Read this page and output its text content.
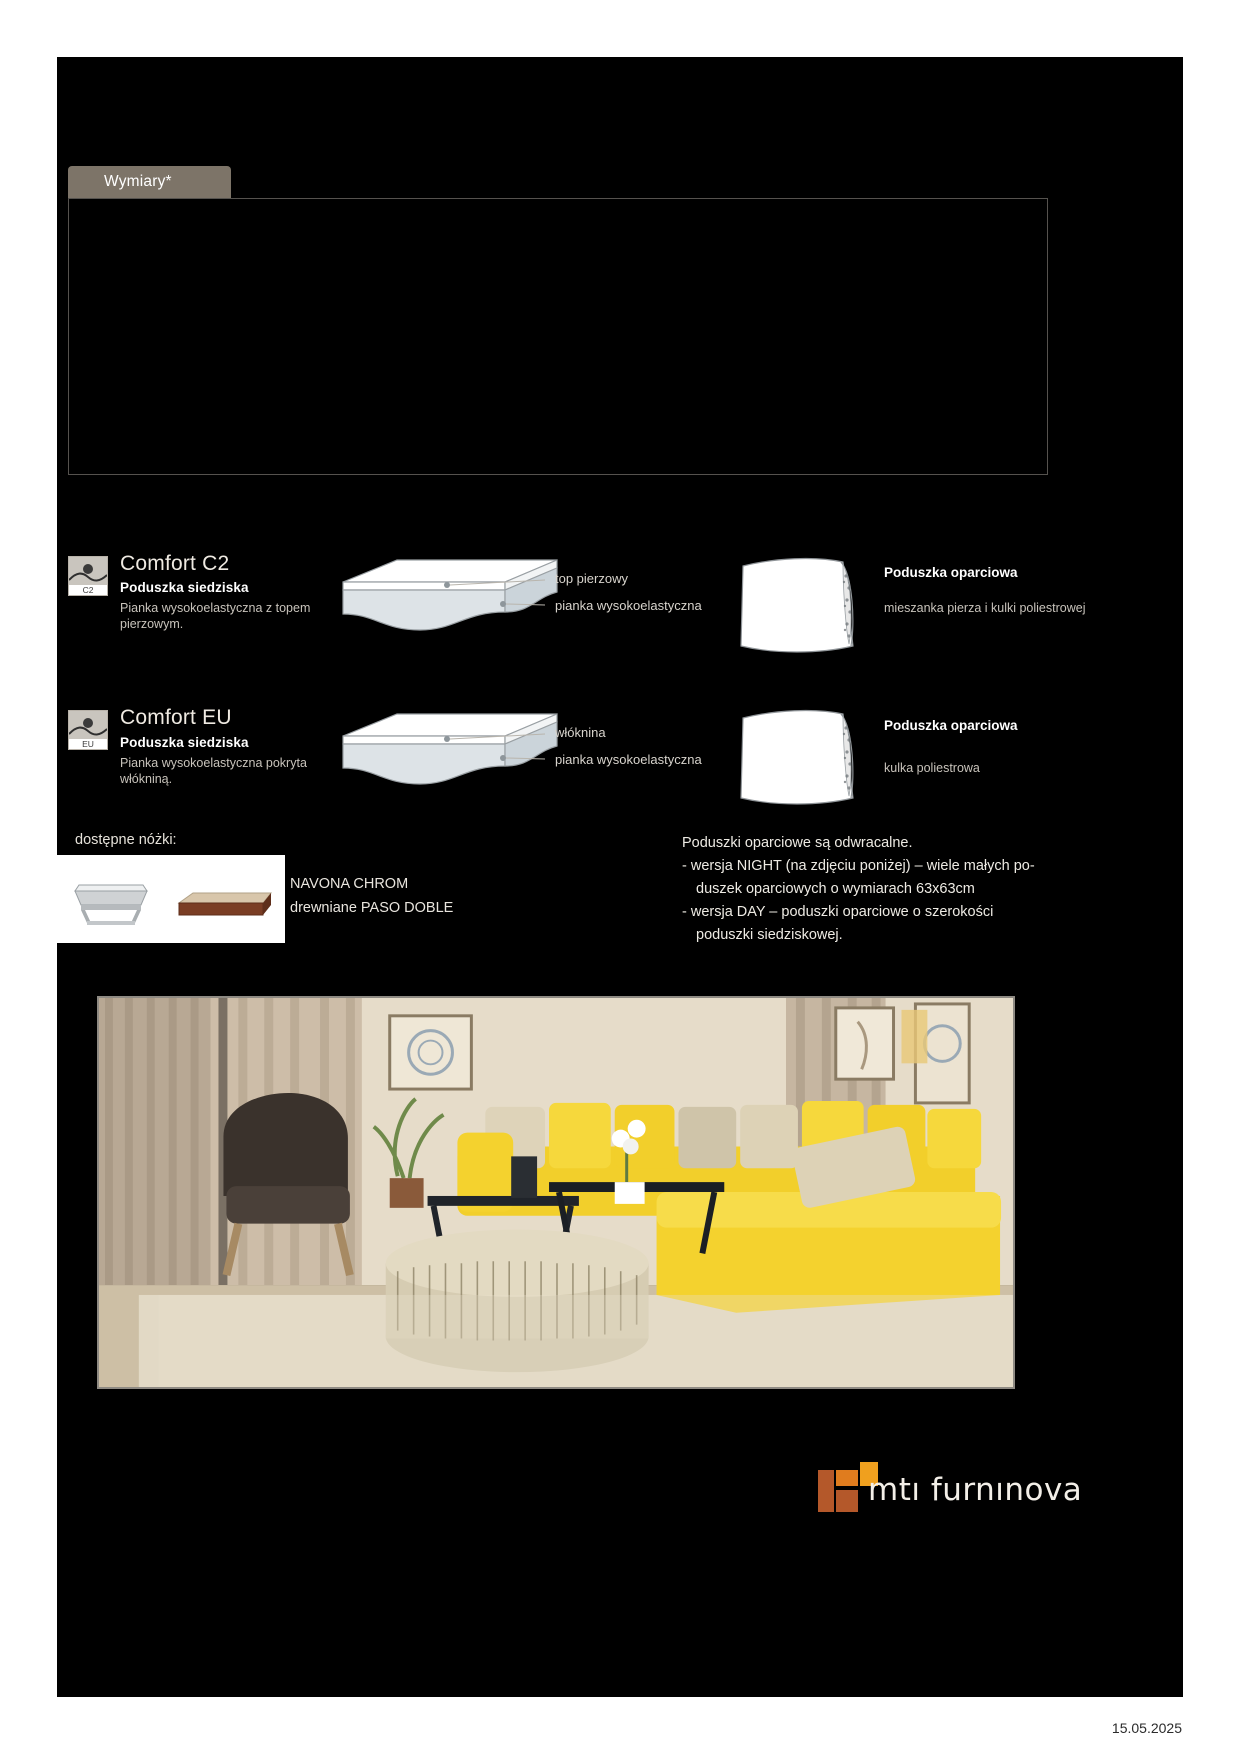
Wymiary*
C2
Comfort C2
Poduszka siedziska
Pianka wysokoelastyczna z topem pierzowym.
top pierzowy
pianka wysokoelastyczna
Poduszka oparciowa
mieszanka pierza i kulki poliestrowej
EU
Comfort EU
Poduszka siedziska
Pianka wysokoelastyczna pokryta włókniną.
włóknina
pianka wysokoelastyczna
Poduszka oparciowa
kulka poliestrowa
dostępne nóżki:
NAVONA CHROM
drewniane PASO DOBLE
Poduszki oparciowe są odwracalne.
- wersja NIGHT (na zdjęciu poniżej) – wiele małych po-
duszek oparciowych o wymiarach 63x63cm
- wersja DAY – poduszki oparciowe o szerokości
poduszki siedziskowej.
mtı furnınova
15.05.2025
